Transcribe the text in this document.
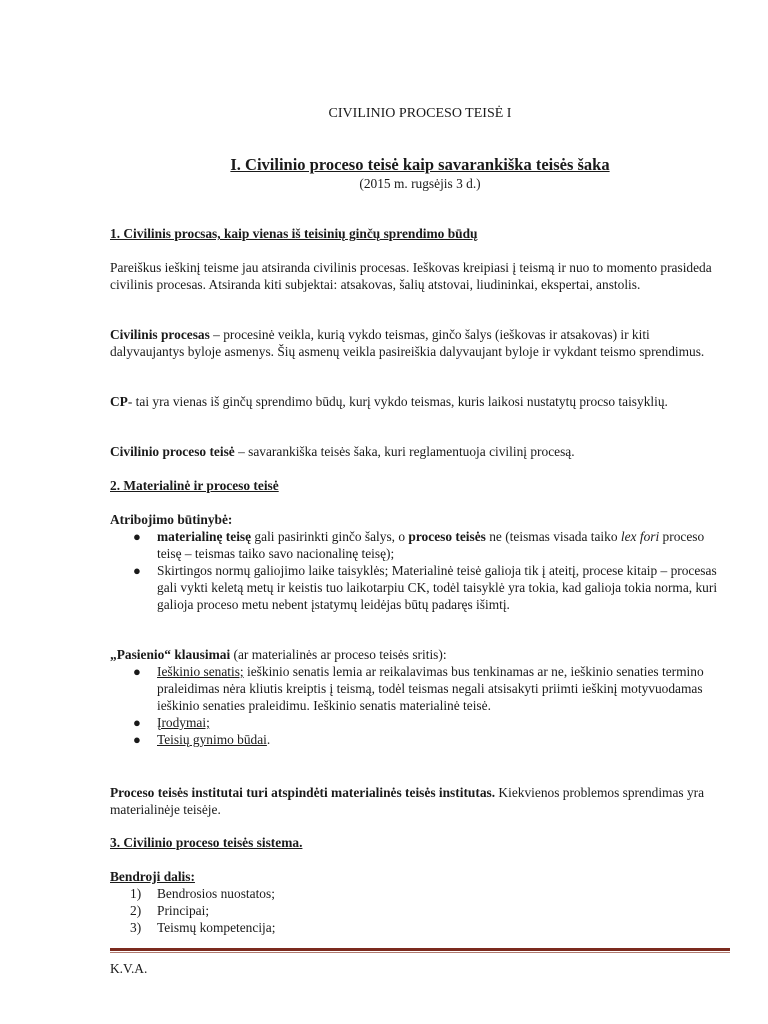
CIVILINIO PROCESO TEISĖ I
I. Civilinio proceso teisė kaip savarankiška teisės šaka
(2015 m. rugsėjis 3 d.)
1. Civilinis procsas, kaip vienas iš teisinių ginčų sprendimo būdų

Pareiškus ieškinį teisme jau atsiranda civilinis procesas. Ieškovas kreipiasi į teismą ir nuo to momento prasideda civilinis procesas. Atsiranda kiti subjektai: atsakovas, šalių atstovai, liudininkai, ekspertai, anstolis.

Civilinis procesas – procesinė veikla, kurią vykdo teismas, ginčo šalys (ieškovas ir atsakovas) ir kiti dalyvaujantys byloje asmenys. Šių asmenų veikla pasireiškia dalyvaujant byloje ir vykdant teismo sprendimus.

CP- tai yra vienas iš ginčų sprendimo būdų, kurį vykdo teismas, kuris laikosi nustatytų procso taisyklių.

Civilinio proceso teisė – savarankiška teisės šaka, kuri reglamentuoja civilinį procesą.

2. Materialinė ir proceso teisė
Atribojimo būtinybė:
● materialinę teisę gali pasirinkti ginčo šalys, o proceso teisės ne (teismas visada taiko lex fori proceso teisę – teismas taiko savo nacionalinę teisę);
● Skirtingos normų galiojimo laike taisyklės; Materialinė teisė galioja tik į ateitį, procese kitaip – procesas gali vykti keletą metų ir keistis tuo laikotarpiu CK, todėl taisyklė yra tokia, kad galioja tokia norma, kuri galioja proceso metu nebent įstatymų leidėjas būtų padaręs išimtį.

„Pasienio“ klausimai (ar materialinės ar proceso teisės sritis):

● Ieškinio senatis; ieškinio senatis lemia ar reikalavimas bus tenkinamas ar ne, ieškinio senaties termino praleidimas nėra kliutis kreiptis į teismą, todėl teismas negali atsisakyti priimti ieškinį motyvuodamas ieškinio senaties praleidimu. Ieškinio senatis materialinė teisė.
● Įrodymai;
● Teisių gynimo būdai.

Proceso teisės institutai turi atspindėti materialinės teisės institutas. Kiekvienos problemos sprendimas yra materialinėje teisėje.

3. Civilinio proceso teisės sistema.
Bendroji dalis:
1) Bendrosios nuostatos;
2) Principai;
3) Teismų kompetencija;
K.V.A.
